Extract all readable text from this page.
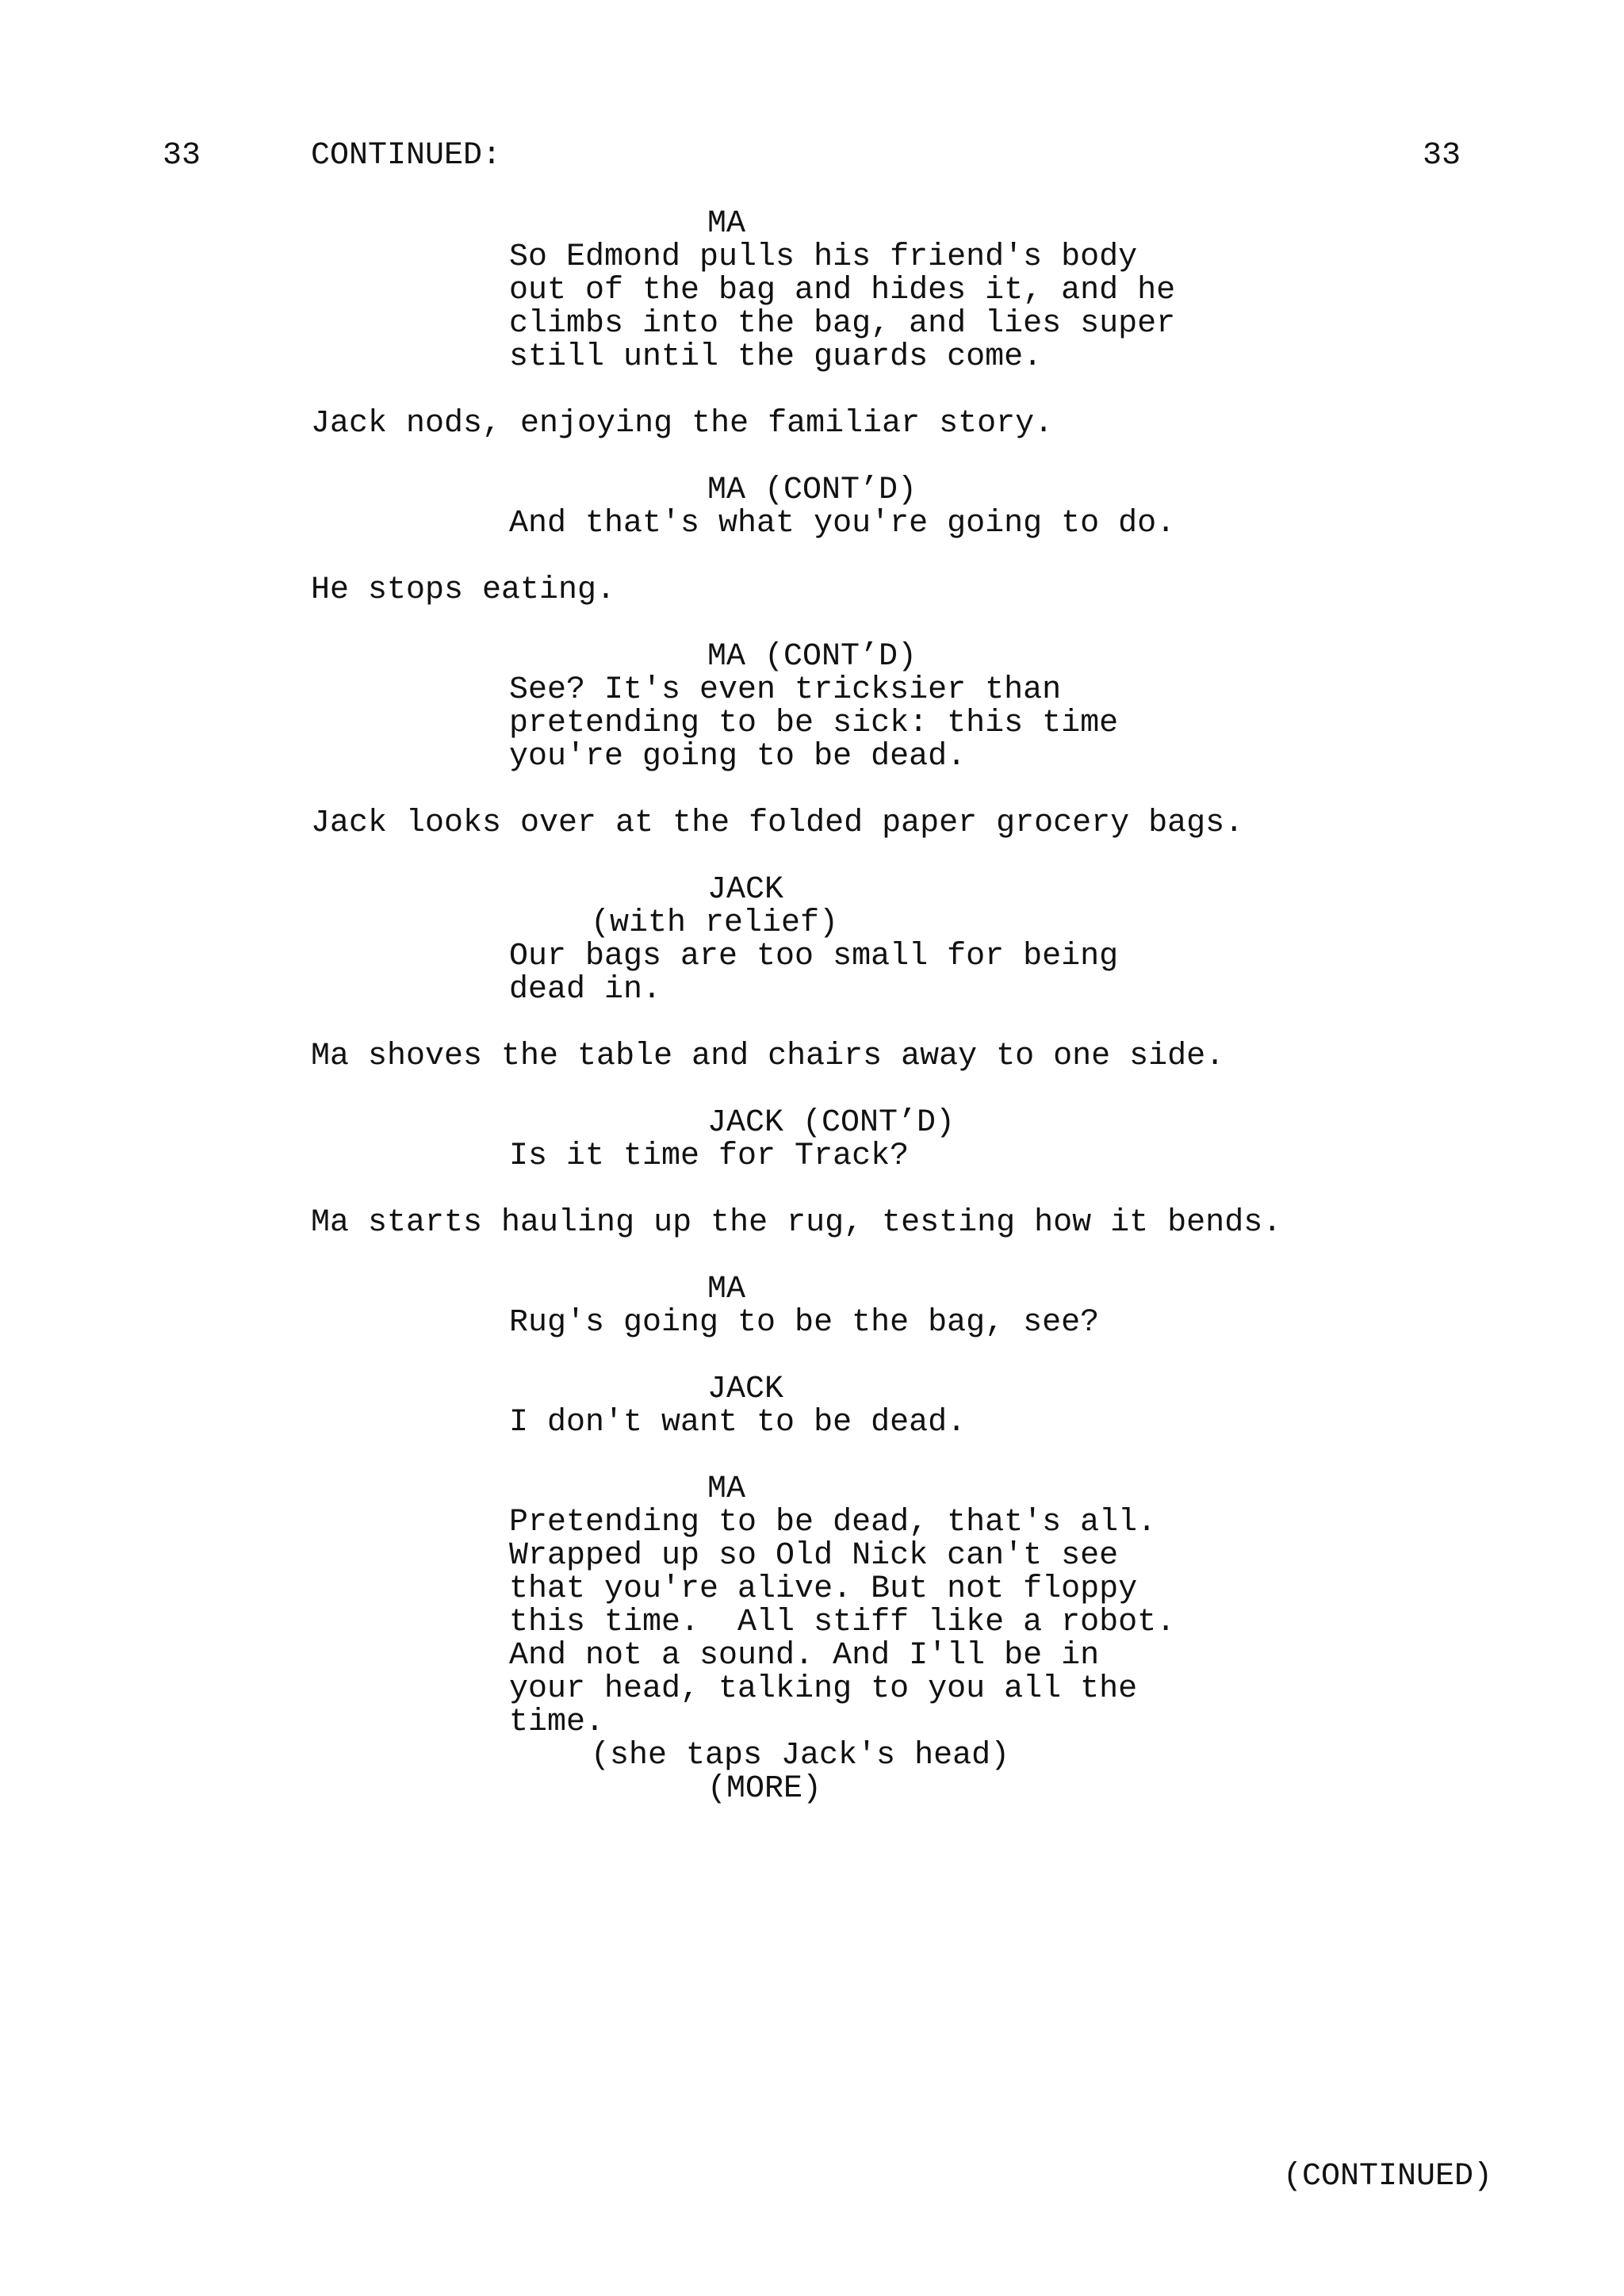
33	CONTINUED:	33
MA
So Edmond pulls his friend's body
out of the bag and hides it, and he
climbs into the bag, and lies super
still until the guards come.
Jack nods, enjoying the familiar story.
MA (CONT’D)
And that's what you're going to do.
He stops eating.
MA (CONT’D)
See? It's even tricksier than
pretending to be sick: this time
you're going to be dead.
Jack looks over at the folded paper grocery bags.
JACK
(with relief)
Our bags are too small for being
dead in.
Ma shoves the table and chairs away to one side.
JACK (CONT’D)
Is it time for Track?
Ma starts hauling up the rug, testing how it bends.
MA
Rug's going to be the bag, see?
JACK
I don't want to be dead.
MA
Pretending to be dead, that's all.
Wrapped up so Old Nick can't see
that you're alive. But not floppy
this time.  All stiff like a robot.
And not a sound. And I'll be in
your head, talking to you all the
time.
(she taps Jack's head)
(MORE)
(CONTINUED)
